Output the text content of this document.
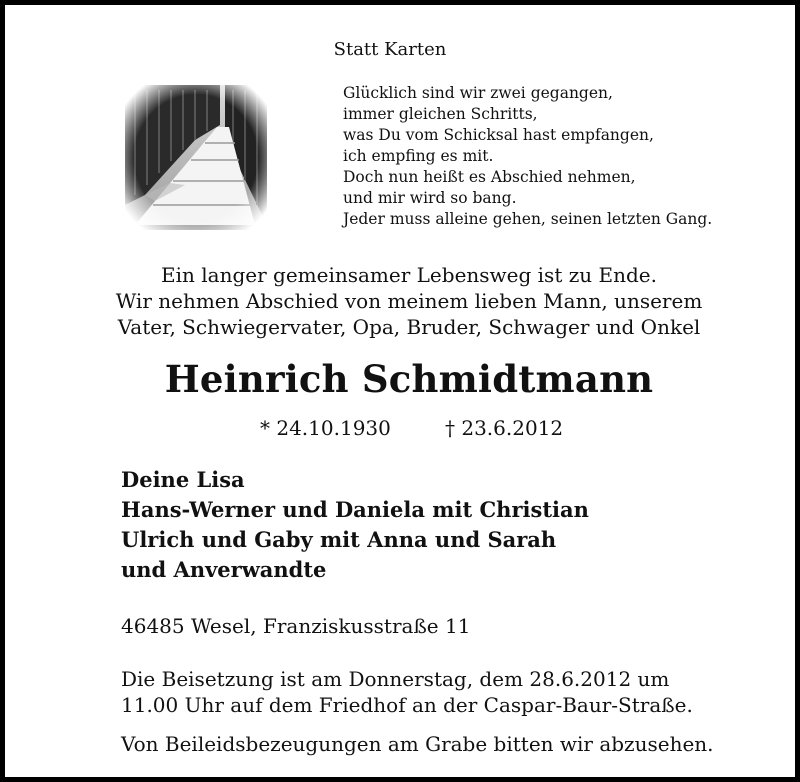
Statt Karten
Glücklich sind wir zwei gegangen,
immer gleichen Schritts,
was Du vom Schicksal hast empfangen,
ich empfing es mit.
Doch nun heißt es Abschied nehmen,
und mir wird so bang.
Jeder muss alleine gehen, seinen letzten Gang.
Ein langer gemeinsamer Lebensweg ist zu Ende.
Wir nehmen Abschied von meinem lieben Mann, unserem
Vater, Schwiegervater, Opa, Bruder, Schwager und Onkel
Heinrich Schmidtmann
* 24.10.1930	† 23.6.2012
Deine Lisa
Hans-Werner und Daniela mit Christian
Ulrich und Gaby mit Anna und Sarah
und Anverwandte
46485 Wesel, Franziskusstraße 11
Die Beisetzung ist am Donnerstag, dem 28.6.2012 um
11.00 Uhr auf dem Friedhof an der Caspar-Baur-Straße.
Von Beileidsbezeugungen am Grabe bitten wir abzusehen.
